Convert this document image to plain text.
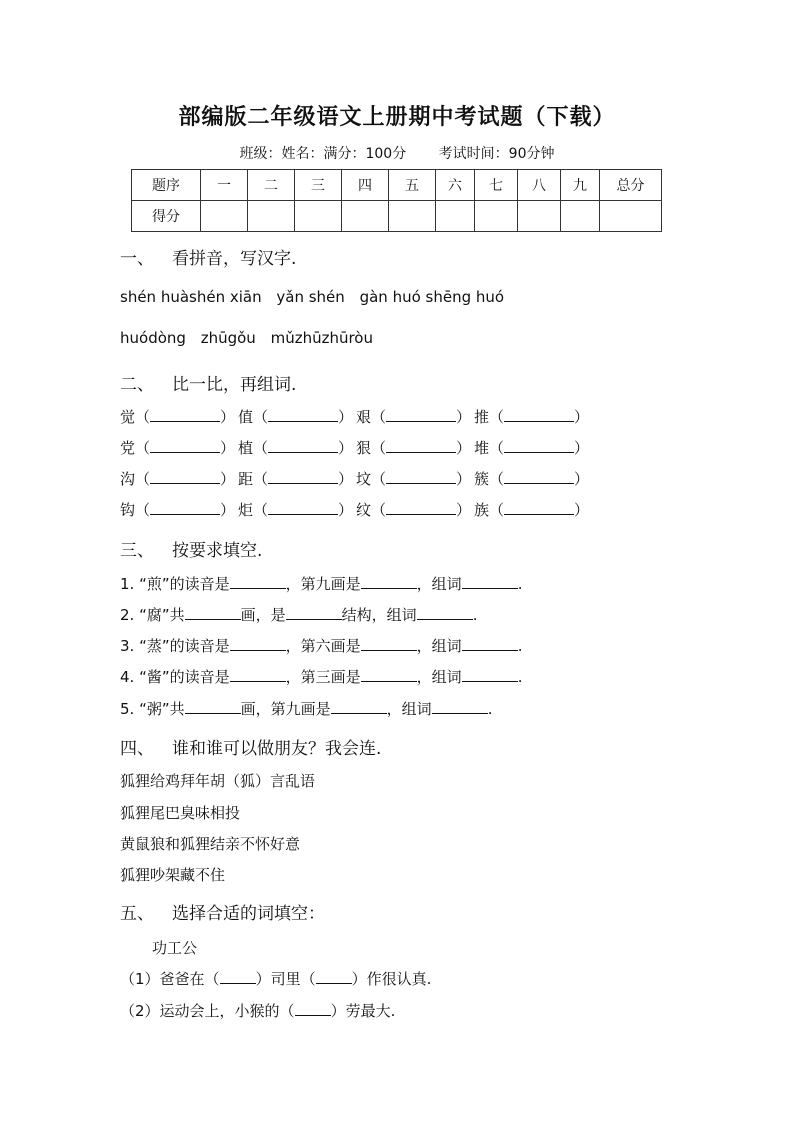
部编版二年级语文上册期中考试题（下载）
班级：姓名：满分：100分 考试时间：90分钟
题序	一	二	三	四	五	六	七	八	九	总分
得分										
一、 看拼音，写汉字.
shén huàshén xiān yǎn shén gàn huó shēng huó
huódòng zhūgǒu mǔzhūzhūròu
二、 比一比，再组词.
觉（	） 值（	） 艰（	） 推（	）
党（	） 植（	） 狠（	） 堆（	）
沟（	） 距（	） 坟（	） 簇（	）
钩（	） 炬（	） 纹（	） 族（	）
三、 按要求填空.
1. “煎”的读音是	，第九画是	，组词	.
2. “腐”共	画，是	结构，组词	.
3. “蒸”的读音是	，第六画是	，组词	.
4. “酱”的读音是	，第三画是	，组词	.
5. “粥”共	画，第九画是	，组词	.
四、 谁和谁可以做朋友？我会连.
狐狸给鸡拜年胡（狐）言乱语
狐狸尾巴臭味相投
黄鼠狼和狐狸结亲不怀好意
狐狸吵架藏不住
五、 选择合适的词填空：
功工公
（1）爸爸在（ ）司里（ ）作很认真.
（2）运动会上，小猴的（ ）劳最大.
